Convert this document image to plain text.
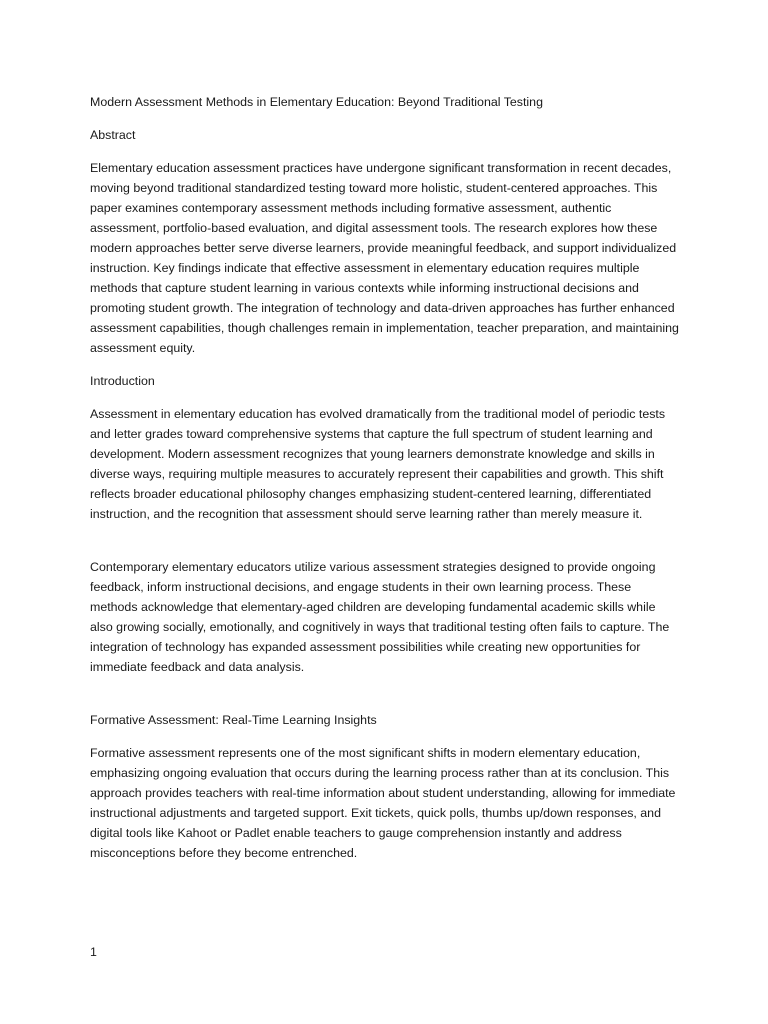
Modern Assessment Methods in Elementary Education: Beyond Traditional Testing

Abstract

Elementary education assessment practices have undergone significant transformation in recent decades, moving beyond traditional standardized testing toward more holistic, student-centered approaches. This paper examines contemporary assessment methods including formative assessment, authentic assessment, portfolio-based evaluation, and digital assessment tools. The research explores how these modern approaches better serve diverse learners, provide meaningful feedback, and support individualized instruction. Key findings indicate that effective assessment in elementary education requires multiple methods that capture student learning in various contexts while informing instructional decisions and promoting student growth. The integration of technology and data-driven approaches has further enhanced assessment capabilities, though challenges remain in implementation, teacher preparation, and maintaining assessment equity.

Introduction

Assessment in elementary education has evolved dramatically from the traditional model of periodic tests and letter grades toward comprehensive systems that capture the full spectrum of student learning and development. Modern assessment recognizes that young learners demonstrate knowledge and skills in diverse ways, requiring multiple measures to accurately represent their capabilities and growth. This shift reflects broader educational philosophy changes emphasizing student-centered learning, differentiated instruction, and the recognition that assessment should serve learning rather than merely measure it.

Contemporary elementary educators utilize various assessment strategies designed to provide ongoing feedback, inform instructional decisions, and engage students in their own learning process. These methods acknowledge that elementary-aged children are developing fundamental academic skills while also growing socially, emotionally, and cognitively in ways that traditional testing often fails to capture. The integration of technology has expanded assessment possibilities while creating new opportunities for immediate feedback and data analysis.

Formative Assessment: Real-Time Learning Insights

Formative assessment represents one of the most significant shifts in modern elementary education, emphasizing ongoing evaluation that occurs during the learning process rather than at its conclusion. This approach provides teachers with real-time information about student understanding, allowing for immediate instructional adjustments and targeted support. Exit tickets, quick polls, thumbs up/down responses, and digital tools like Kahoot or Padlet enable teachers to gauge comprehension instantly and address misconceptions before they become entrenched.

1
